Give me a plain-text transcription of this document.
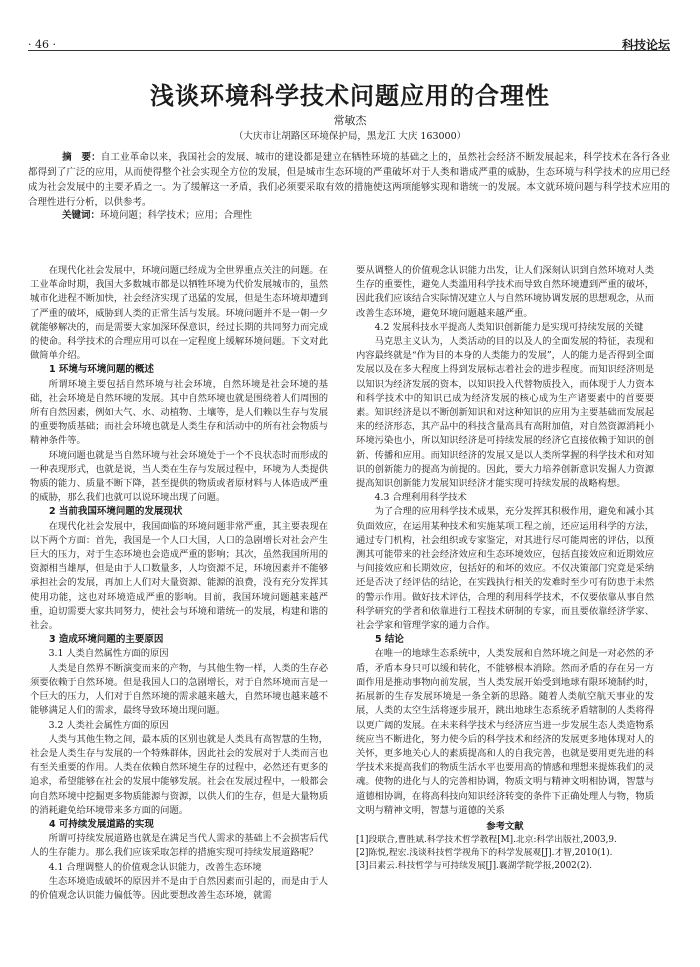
· 46 ·	科技论坛
浅谈环境科学技术问题应用的合理性
常敏杰
（大庆市让胡路区环境保护局，黑龙江 大庆 163000）
摘　要：自工业革命以来，我国社会的发展、城市的建设都是建立在牺牲环境的基础之上的，虽然社会经济不断发展起来，科学技术在各行各业都得到了广泛的应用，从而使得整个社会实现全方位的发展，但是城市生态环境的严重破坏对于人类和谐成严重的威胁，生态环境与科学技术的应用已经成为社会发展中的主要矛盾之一。为了缓解这一矛盾，我们必须要采取有效的措施使这两项能够实现和谐统一的发展。本文就环境问题与科学技术应用的合理性进行分析，以供参考。
关键词：环境问题；科学技术；应用；合理性

在现代化社会发展中，环境问题已经成为全世界重点关注的问题。在工业革命时期，我国大多数城市都是以牺牲环境为代价发展城市的，虽然城市化进程不断加快，社会经济实现了迅猛的发展，但是生态环境却遭到了严重的破坏，威胁到人类的正常生活与发展。环境问题并不是一朝一夕就能够解决的，而是需要大家加深环保意识，经过长期的共同努力而完成的使命。科学技术的合理应用可以在一定程度上缓解环境问题。下文对此做简单介绍。

1 环境与环境问题的概述

所谓环境主要包括自然环境与社会环境，自然环境是社会环境的基础，社会环境是自然环境的发展。其中自然环境也就是围绕着人们周围的所有自然因素，例如大气、水、动植物、土壤等，是人们赖以生存与发展的重要物质基础；而社会环境也就是人类生存和活动中的所有社会物质与精神条件等。

环境问题也就是当自然环境与社会环境处于一个不良状态时而形成的一种表现形式，也就是说，当人类在生存与发展过程中，环境为人类提供物质的能力、质量不断下降，甚至提供的物质或者原材料与人体造成严重的威胁，那么我们也就可以说环境出现了问题。

2 当前我国环境问题的发展现状

在现代化社会发展中，我国面临的环境问题非常严重，其主要表现在以下两个方面：首先，我国是一个人口大国，人口的急剧增长对社会产生巨大的压力，对于生态环境也会造成严重的影响；其次，虽然我国所用的资源相当雄厚，但是由于人口数量多，人均资源不足，环境因素并不能够承担社会的发展，再加上人们对大量资源、能源的浪费，没有充分发挥其使用功能，这也对环境造成严重的影响。目前，我国环境问题越来越严重，迫切需要大家共同努力，使社会与环境和谐统一的发展，构建和谐的社会。

3 造成环境问题的主要原因
3.1 人类自然属性方面的原因

人类是自然界不断演变而来的产物，与其他生物一样，人类的生存必须要依赖于自然环境。但是我国人口的急剧增长，对于自然环境而言是一个巨大的压力，人们对于自然环境的需求越来越大，自然环境也越来越不能够满足人们的需求，最终导致环境出现问题。

3.2 人类社会属性方面的原因

人类与其他生物之间，最本质的区别也就是人类具有高智慧的生物，社会是人类生存与发展的一个特殊群体，因此社会的发展对于人类而言也有至关重要的作用。人类在依赖自然环境生存的过程中，必然还有更多的追求，希望能够在社会的发展中能够发展。社会在发展过程中，一般都会向自然环境中挖掘更多物质能源与资源，以供人们的生存，但是大量物质的消耗避免给环境带来多方面的问题。

4 可持续发展道路的实现

所谓可持续发展道路也就是在满足当代人需求的基础上不会损害后代人的生存能力。那么我们应该采取怎样的措施实现可持续发展道路呢？

4.1 合理调整人的价值观念认识能力，改善生态环境

生态环境造成破坏的原因并不是由于自然因素而引起的，而是由于人的价值观念认识能力偏低等。因此要想改善生态环境，就需

要从调整人的价值观念认识能力出发，让人们深刻认识到自然环境对人类生存的重要性，避免人类滥用科学技术而导致自然环境遭到严重的破坏，因此我们应该结合实际情况建立人与自然环境协调发展的思想观念，从而改善生态环境，避免环境问题越来越严重。

4.2 发展科技水平提高人类知识创新能力是实现可持续发展的关键

马克思主义认为，人类活动的目的以及人的全面发展的特征，表现和内容最终就是“作为目的本身的人类能力的发展”，人的能力是否得到全面发展以及在多大程度上得到发展标志着社会的进步程度。而知识经济则是以知识为经济发展的资本，以知识投入代替物质投入，而体现于人力资本和科学技术中的知识已成为经济发展的核心成为生产诸要素中的首要要素。知识经济是以不断创新知识和对这种知识的应用为主要基础而发展起来的经济形态，其产品中的科技含量高具有高附加值，对自然资源消耗小环境污染也小，所以知识经济是可持续发展的经济它直接依赖于知识的创新、传播和应用。而知识经济的发展又是以人类所掌握的科学技术和对知识的创新能力的提高为前提的。因此，要大力培养创新意识发掘人力资源提高知识创新能力发展知识经济才能实现可持续发展的战略构想。

4.3 合理利用科学技术

为了合理的应用科学技术成果，充分发挥其积极作用，避免和减小其负面效应，在运用某种技术和实施某项工程之前，还应运用科学的方法，通过专门机构，社会组织或专家鉴定，对其进行尽可能周密的评估，以预测其可能带来的社会经济效应和生态环境效应，包括直接效应和近期效应与间接效应和长期效应，包括好的和坏的效应。不仅决策部门究竟是采纳还是否决了经评估的结论，在实践执行相关的发难时至少可有防患于未然的警示作用。做好技术评估，合理的利用科学技术，不仅要依靠从事自然科学研究的学者和依靠进行工程技术研制的专家，而且要依靠经济学家、社会学家和管理学家的通力合作。

5 结论

在唯一的地球生态系统中，人类发展和自然环境之间是一对必然的矛盾，矛盾本身只可以缓和转化，不能够根本消除。然而矛盾的存在另一方面作用是推动事物向前发展，当人类发展开始受到地球有限环境制约时，拓展新的生存发展环境是一条全新的思路。随着人类航空航天事业的发展，人类的太空生活将逐步展开，跳出地球生态系统矛盾辖制的人类将得以更广阔的发展。在未来科学技术与经济应当进一步发展生态人类造物系统应当不断进化，努力使今后的科学技术和经济的发展更多地体现对人的关怀，更多地关心人的素质提高和人的自我完善，也就是要用更先进的科学技术来提高我们的物质生活水平也要用高的情感和理想来提炼我们的灵魂。使物的进化与人的完善相协调，物质文明与精神文明相协调，智慧与道德相协调，在将高科技向知识经济转变的条件下正确处理人与物，物质文明与精神文明，智慧与道德的关系

参考文献
[1]段联合,曹胜斌.科学技术哲学教程[M].北京:科学出版社,2003,9.
[2]陈悦,程宏.浅谈科技哲学视角下的科学发展观[J].才智,2010(1).
[3]吕素云.科技哲学与可持续发展[J].襄湖学院学报,2002(2).
